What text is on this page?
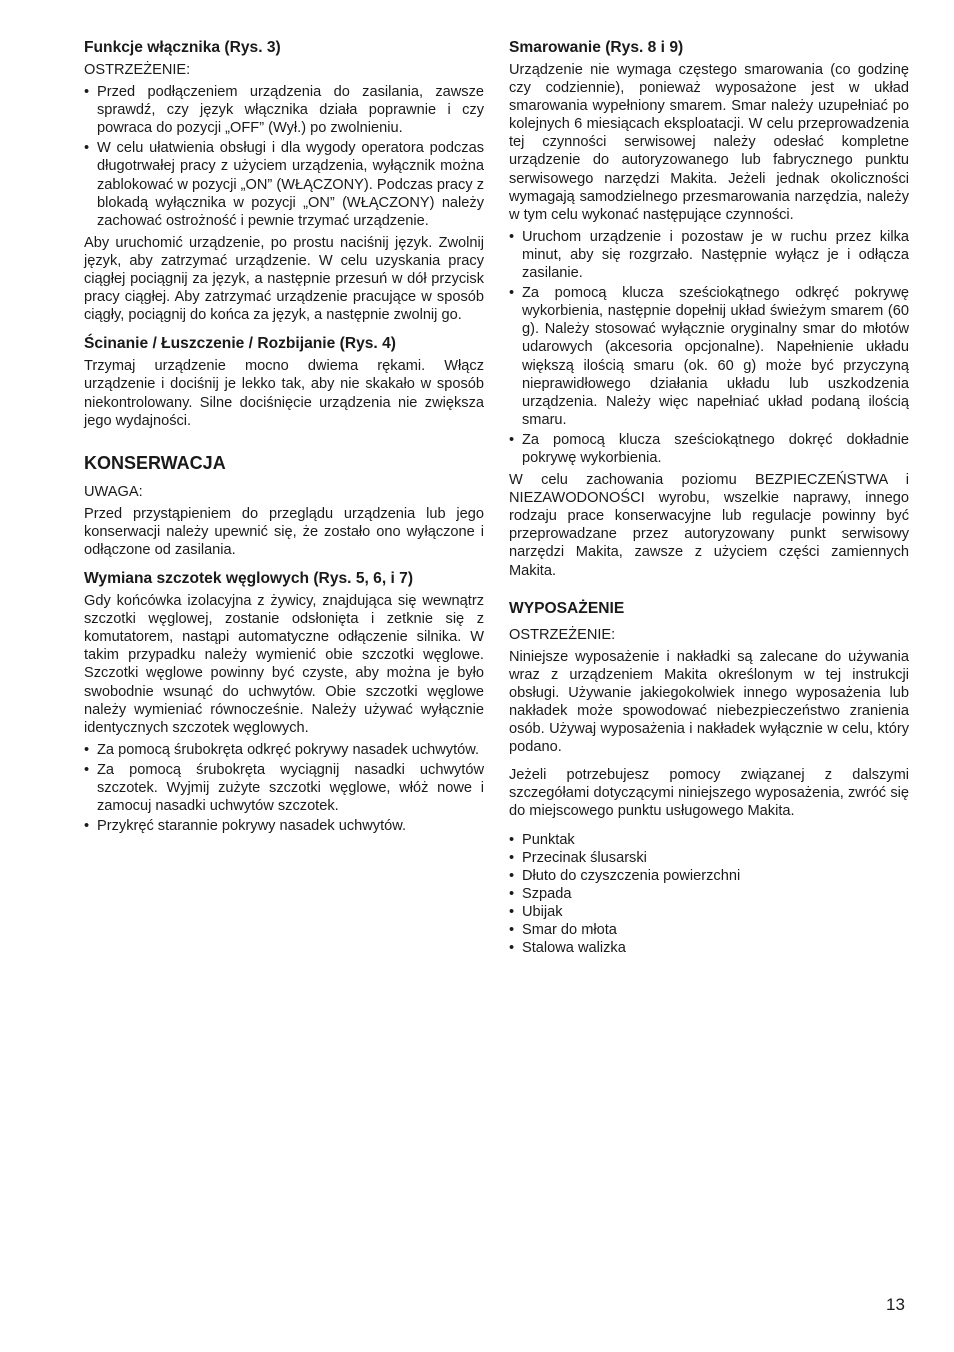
Funkcje włącznika (Rys. 3)

OSTRZEŻENIE:

• Przed podłączeniem urządzenia do zasilania, zawsze sprawdź, czy język włącznika działa poprawnie i czy powraca do pozycji „OFF” (Wył.) po zwolnieniu.
• W celu ułatwienia obsługi i dla wygody operatora podczas długotrwałej pracy z użyciem urządzenia, wyłącznik można zablokować w pozycji „ON” (WŁĄCZONY). Podczas pracy z blokadą wyłącznika w pozycji „ON” (WŁĄCZONY) należy zachować ostrożność i pewnie trzymać urządzenie.

Aby uruchomić urządzenie, po prostu naciśnij język. Zwolnij język, aby zatrzymać urządzenie. W celu uzyskania pracy ciągłej pociągnij za język, a następnie przesuń w dół przycisk pracy ciągłej. Aby zatrzymać urządzenie pracujące w sposób ciągły, pociągnij do końca za język, a następnie zwolnij go.

Ścinanie / Łuszczenie / Rozbijanie (Rys. 4)

Trzymaj urządzenie mocno dwiema rękami. Włącz urządzenie i dociśnij je lekko tak, aby nie skakało w sposób niekontrolowany. Silne dociśnięcie urządzenia nie zwiększa jego wydajności.

KONSERWACJA

UWAGA:

Przed przystąpieniem do przeglądu urządzenia lub jego konserwacji należy upewnić się, że zostało ono wyłączone i odłączone od zasilania.

Wymiana szczotek węglowych (Rys. 5, 6, i 7)

Gdy końcówka izolacyjna z żywicy, znajdująca się wewnątrz szczotki węglowej, zostanie odsłonięta i zetknie się z komutatorem, nastąpi automatyczne odłączenie silnika. W takim przypadku należy wymienić obie szczotki węglowe. Szczotki węglowe powinny być czyste, aby można je było swobodnie wsunąć do uchwytów. Obie szczotki węglowe należy wymieniać równocześnie. Należy używać wyłącznie identycznych szczotek węglowych.

• Za pomocą śrubokręta odkręć pokrywy nasadek uchwytów.
• Za pomocą śrubokręta wyciągnij nasadki uchwytów szczotek. Wyjmij zużyte szczotki węglowe, włóż nowe i zamocuj nasadki uchwytów szczotek.
• Przykręć starannie pokrywy nasadek uchwytów.
Smarowanie (Rys. 8 i 9)

Urządzenie nie wymaga częstego smarowania (co godzinę czy codziennie), ponieważ wyposażone jest w układ smarowania wypełniony smarem. Smar należy uzupełniać po kolejnych 6 miesiącach eksploatacji. W celu przeprowadzenia tej czynności serwisowej należy odesłać kompletne urządzenie do autoryzowanego lub fabrycznego punktu serwisowego narzędzi Makita. Jeżeli jednak okoliczności wymagają samodzielnego przesmarowania narzędzia, należy w tym celu wykonać następujące czynności.

• Uruchom urządzenie i pozostaw je w ruchu przez kilka minut, aby się rozgrzało. Następnie wyłącz je i odłącza zasilanie.
• Za pomocą klucza sześciokątnego odkręć pokrywę wykorbienia, następnie dopełnij układ świeżym smarem (60 g). Należy stosować wyłącznie oryginalny smar do młotów udarowych (akcesoria opcjonalne). Napełnienie układu większą ilością smaru (ok. 60 g) może być przyczyną nieprawidłowego działania układu lub uszkodzenia urządzenia. Należy więc napełniać układ podaną ilością smaru.
• Za pomocą klucza sześciokątnego dokręć dokładnie pokrywę wykorbienia.

W celu zachowania poziomu BEZPIECZEŃSTWA i NIEZAWODONOŚCI wyrobu, wszelkie naprawy, innego rodzaju prace konserwacyjne lub regulacje powinny być przeprowadzane przez autoryzowany punkt serwisowy narzędzi Makita, zawsze z użyciem części zamiennych Makita.

WYPOSAŻENIE

OSTRZEŻENIE:

Niniejsze wyposażenie i nakładki są zalecane do używania wraz z urządzeniem Makita określonym w tej instrukcji obsługi. Używanie jakiegokolwiek innego wyposażenia lub nakładek może spowodować niebezpieczeństwo zranienia osób. Używaj wyposażenia i nakładek wyłącznie w celu, który podano.

Jeżeli potrzebujesz pomocy związanej z dalszymi szczegółami dotyczącymi niniejszego wyposażenia, zwróć się do miejscowego punktu usługowego Makita.

• Punktak
• Przecinak ślusarski
• Dłuto do czyszczenia powierzchni
• Szpada
• Ubijak
• Smar do młota
• Stalowa walizka
13
